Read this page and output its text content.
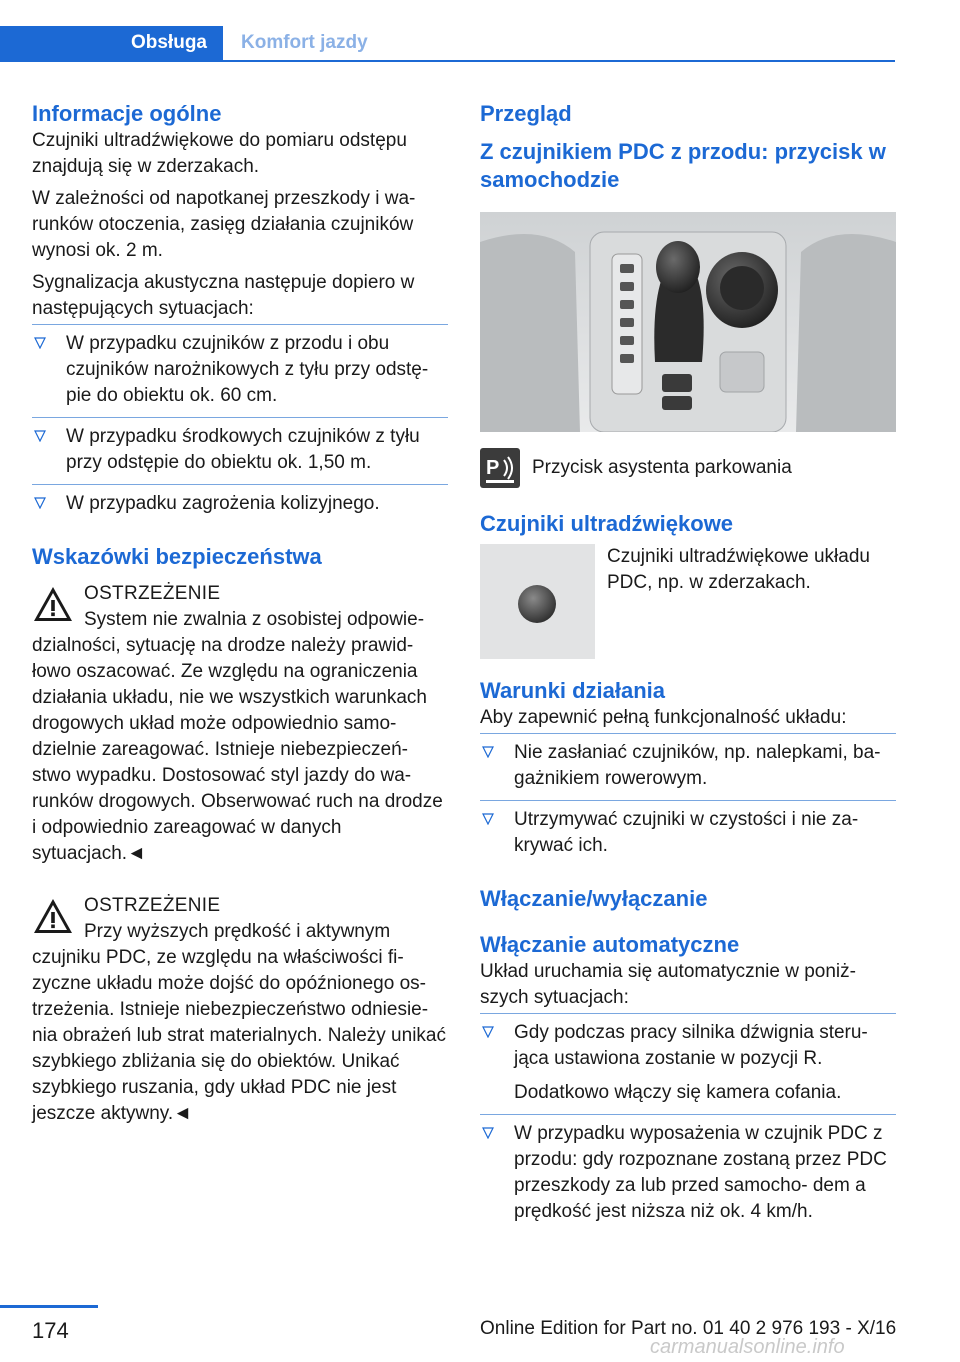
Obsługa	Komfort jazdy
Informacje ogólne

Czujniki ultradźwiękowe do pomiaru odstępu znajdują się w zderzakach.

W zależności od napotkanej przeszkody i wa‐ runków otoczenia, zasięg działania czujników wynosi ok. 2 m.

Sygnalizacja akustyczna następuje dopiero w następujących sytuacjach:

W przypadku czujników z przodu i obu czujników narożnikowych z tyłu przy odstę‐ pie do obiektu ok. 60 cm.
W przypadku środkowych czujników z tyłu przy odstępie do obiektu ok. 1,50 m.
W przypadku zagrożenia kolizyjnego.
Wskazówki bezpieczeństwa
OSTRZEŻENIE
System nie zwalnia z osobistej odpowie‐ dzialności, sytuację na drodze należy prawid‐ łowo oszacować. Ze względu na ograniczenia działania układu, nie we wszystkich warunkach drogowych układ może odpowiednio samo‐ dzielnie zareagować. Istnieje niebezpieczeń‐ stwo wypadku. Dostosować styl jazdy do wa‐ runków drogowych. Obserwować ruch na drodze i odpowiednio zareagować w danych sytuacjach.◄
OSTRZEŻENIE
Przy wyższych prędkość i aktywnym czujniku PDC, ze względu na właściwości fi‐ zyczne układu może dojść do opóźnionego os‐ trzeżenia. Istnieje niebezpieczeństwo odniesie‐ nia obrażeń lub strat materialnych. Należy unikać szybkiego zbliżania się do obiektów. Unikać szybkiego ruszania, gdy układ PDC nie jest jeszcze aktywny.◄
Przegląd
Z czujnikiem PDC z przodu: przycisk w samochodzie
P Przycisk asystenta parkowania
Czujniki ultradźwiękowe
Czujniki ultradźwiękowe układu PDC, np. w zderzakach.
Warunki działania

Aby zapewnić pełną funkcjonalność układu:

Nie zasłaniać czujników, np. nalepkami, ba‐ gażnikiem rowerowym.
Utrzymywać czujniki w czystości i nie za‐ krywać ich.
Włączanie/wyłączanie
Włączanie automatyczne

Układ uruchamia się automatycznie w poniż‐ szych sytuacjach:

Gdy podczas pracy silnika dźwignia steru‐ jąca ustawiona zostanie w pozycji R.
Dodatkowo włączy się kamera cofania.
W przypadku wyposażenia w czujnik PDC z przodu: gdy rozpoznane zostaną przez PDC przeszkody za lub przed samocho‐ dem a prędkość jest niższa niż ok. 4 km/h.
174	Online Edition for Part no. 01 40 2 976 193 - X/16
carmanualsonline.info
